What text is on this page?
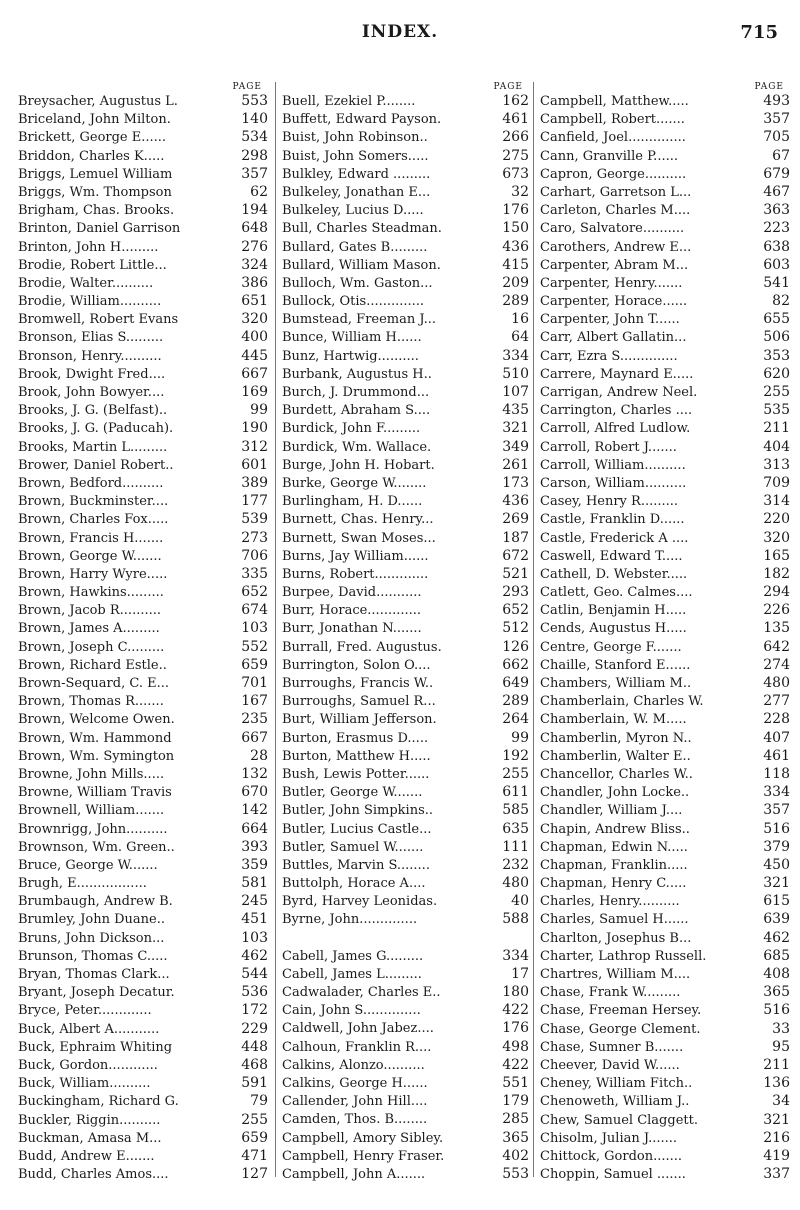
INDEX.	715
PAGE
Breysacher, Augustus L.	553
Briceland, John Milton.	140
Brickett, George E......	534
Briddon, Charles K.....	298
Briggs, Lemuel William	357
Briggs, Wm. Thompson	62
Brigham, Chas. Brooks.	194
Brinton, Daniel Garrison	648
Brinton, John H.........	276
Brodie, Robert Little...	324
Brodie, Walter..........	386
Brodie, William..........	651
Bromwell, Robert Evans	320
Bronson, Elias S.........	400
Bronson, Henry..........	445
Brook, Dwight Fred....	667
Brook, John Bowyer....	169
Brooks, J. G. (Belfast)..	99
Brooks, J. G. (Paducah).	190
Brooks, Martin L.........	312
Brower, Daniel Robert..	601
Brown, Bedford..........	389
Brown, Buckminster....	177
Brown, Charles Fox.....	539
Brown, Francis H.......	273
Brown, George W.......	706
Brown, Harry Wyre.....	335
Brown, Hawkins.........	652
Brown, Jacob R..........	674
Brown, James A.........	103
Brown, Joseph C.........	552
Brown, Richard Estle..	659
Brown-Sequard, C. E...	701
Brown, Thomas R.......	167
Brown, Welcome Owen.	235
Brown, Wm. Hammond	667
Brown, Wm. Symington	28
Browne, John Mills.....	132
Browne, William Travis	670
Brownell, William.......	142
Brownrigg, John..........	664
Brownson, Wm. Green..	393
Bruce, George W.......	359
Brugh, E.................	581
Brumbaugh, Andrew B.	245
Brumley, John Duane..	451
Bruns, John Dickson...	103
Brunson, Thomas C.....	462
Bryan, Thomas Clark...	544
Bryant, Joseph Decatur.	536
Bryce, Peter.............	172
Buck, Albert A...........	229
Buck, Ephraim Whiting	448
Buck, Gordon............	468
Buck, William..........	591
Buckingham, Richard G.	79
Buckler, Riggin..........	255
Buckman, Amasa M...	659
Budd, Andrew E.......	471
Budd, Charles Amos....	127
PAGE
Buell, Ezekiel P........	162
Buffett, Edward Payson.	461
Buist, John Robinson..	266
Buist, John Somers.....	275
Bulkley, Edward .........	673
Bulkeley, Jonathan E...	32
Bulkeley, Lucius D.....	176
Bull, Charles Steadman.	150
Bullard, Gates B.........	436
Bullard, William Mason.	415
Bulloch, Wm. Gaston...	209
Bullock, Otis..............	289
Bumstead, Freeman J...	16
Bunce, William H......	64
Bunz, Hartwig..........	334
Burbank, Augustus H..	510
Burch, J. Drummond...	107
Burdett, Abraham S....	435
Burdick, John F.........	321
Burdick, Wm. Wallace.	349
Burge, John H. Hobart.	261
Burke, George W........	173
Burlingham, H. D......	436
Burnett, Chas. Henry...	269
Burnett, Swan Moses...	187
Burns, Jay William......	672
Burns, Robert.............	521
Burpee, David...........	293
Burr, Horace.............	652
Burr, Jonathan N.......	512
Burrall, Fred. Augustus.	126
Burrington, Solon O....	662
Burroughs, Francis W..	649
Burroughs, Samuel R...	289
Burt, William Jefferson.	264
Burton, Erasmus D.....	99
Burton, Matthew H.....	192
Bush, Lewis Potter......	255
Butler, George W.......	611
Butler, John Simpkins..	585
Butler, Lucius Castle...	635
Butler, Samuel W.......	111
Buttles, Marvin S........	232
Buttolph, Horace A....	480
Byrd, Harvey Leonidas.	40
Byrne, John..............	588
Cabell, James G.........	334
Cabell, James L.........	17
Cadwalader, Charles E..	180
Cain, John S..............	422
Caldwell, John Jabez....	176
Calhoun, Franklin R....	498
Calkins, Alonzo..........	422
Calkins, George H......	551
Callender, John Hill....	179
Camden, Thos. B........	285
Campbell, Amory Sibley.	365
Campbell, Henry Fraser.	402
Campbell, John A.......	553
PAGE
Campbell, Matthew.....	493
Campbell, Robert.......	357
Canfield, Joel..............	705
Cann, Granville P......	67
Capron, George..........	679
Carhart, Garretson L...	467
Carleton, Charles M....	363
Caro, Salvatore..........	223
Carothers, Andrew E...	638
Carpenter, Abram M...	603
Carpenter, Henry.......	541
Carpenter, Horace......	82
Carpenter, John T......	655
Carr, Albert Gallatin...	506
Carr, Ezra S..............	353
Carrere, Maynard E.....	620
Carrigan, Andrew Neel.	255
Carrington, Charles ....	535
Carroll, Alfred Ludlow.	211
Carroll, Robert J.......	404
Carroll, William..........	313
Carson, William..........	709
Casey, Henry R.........	314
Castle, Franklin D......	220
Castle, Frederick A ....	320
Caswell, Edward T.....	165
Cathell, D. Webster.....	182
Catlett, Geo. Calmes....	294
Catlin, Benjamin H.....	226
Cends, Augustus H.....	135
Centre, George F.......	642
Chaille, Stanford E......	274
Chambers, William M..	480
Chamberlain, Charles W.	277
Chamberlain, W. M.....	228
Chamberlin, Myron N..	407
Chamberlin, Walter E..	461
Chancellor, Charles W..	118
Chandler, John Locke..	334
Chandler, William J....	357
Chapin, Andrew Bliss..	516
Chapman, Edwin N.....	379
Chapman, Franklin.....	450
Chapman, Henry C.....	321
Charles, Henry..........	615
Charles, Samuel H......	639
Charlton, Josephus B...	462
Charter, Lathrop Russell.	685
Chartres, William M....	408
Chase, Frank W.........	365
Chase, Freeman Hersey.	516
Chase, George Clement.	33
Chase, Sumner B.......	95
Cheever, David W......	211
Cheney, William Fitch..	136
Chenoweth, William J..	34
Chew, Samuel Claggett.	321
Chisolm, Julian J.......	216
Chittock, Gordon.......	419
Choppin, Samuel .......	337
